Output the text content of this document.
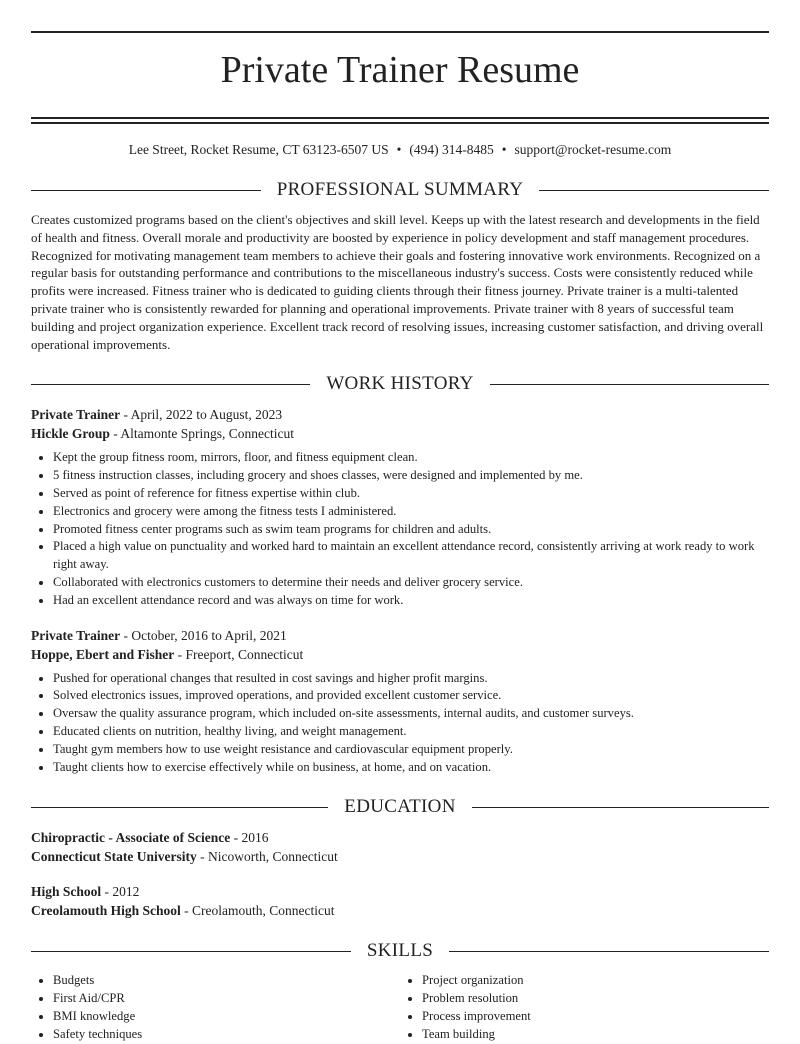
Private Trainer Resume
Lee Street, Rocket Resume, CT 63123-6507 US • (494) 314-8485 • support@rocket-resume.com
PROFESSIONAL SUMMARY

Creates customized programs based on the client's objectives and skill level. Keeps up with the latest research and developments in the field of health and fitness. Overall morale and productivity are boosted by experience in policy development and staff management procedures. Recognized for motivating management team members to achieve their goals and fostering innovative work environments. Recognized on a regular basis for outstanding performance and contributions to the miscellaneous industry's success. Costs were consistently reduced while profits were increased. Fitness trainer who is dedicated to guiding clients through their fitness journey. Private trainer is a multi-talented private trainer who is consistently rewarded for planning and operational improvements. Private trainer with 8 years of successful team building and project organization experience. Excellent track record of resolving issues, increasing customer satisfaction, and driving overall operational improvements.

WORK HISTORY
Private Trainer - April, 2022 to August, 2023
Hickle Group - Altamonte Springs, Connecticut
• Kept the group fitness room, mirrors, floor, and fitness equipment clean.
• 5 fitness instruction classes, including grocery and shoes classes, were designed and implemented by me.
• Served as point of reference for fitness expertise within club.
• Electronics and grocery were among the fitness tests I administered.
• Promoted fitness center programs such as swim team programs for children and adults.
• Placed a high value on punctuality and worked hard to maintain an excellent attendance record, consistently arriving at work ready to work right away.
• Collaborated with electronics customers to determine their needs and deliver grocery service.
• Had an excellent attendance record and was always on time for work.
Private Trainer - October, 2016 to April, 2021
Hoppe, Ebert and Fisher - Freeport, Connecticut
• Pushed for operational changes that resulted in cost savings and higher profit margins.
• Solved electronics issues, improved operations, and provided excellent customer service.
• Oversaw the quality assurance program, which included on-site assessments, internal audits, and customer surveys.
• Educated clients on nutrition, healthy living, and weight management.
• Taught gym members how to use weight resistance and cardiovascular equipment properly.
• Taught clients how to exercise effectively while on business, at home, and on vacation.
EDUCATION
Chiropractic - Associate of Science - 2016
Connecticut State University - Nicoworth, Connecticut
High School - 2012
Creolamouth High School - Creolamouth, Connecticut
SKILLS
• Budgets
• First Aid/CPR
• BMI knowledge
• Safety techniques
• Project organization
• Problem resolution
• Process improvement
• Team building
